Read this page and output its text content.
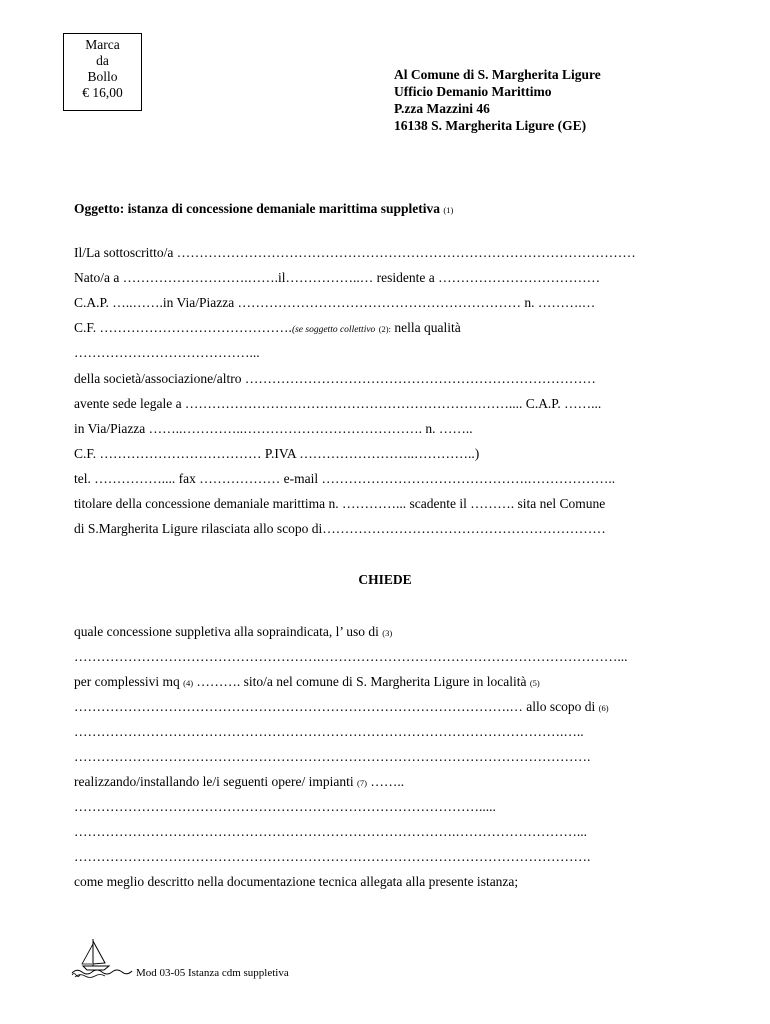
Marca
da
Bollo
€ 16,00
Al Comune di S. Margherita Ligure
Ufficio Demanio Marittimo
P.zza Mazzini 46
16138 S. Margherita Ligure (GE)
Oggetto: istanza di concessione demaniale marittima suppletiva (1)
Il/La sottoscritto/a …………………………………………………………………………………………
Nato/a a ……………………….…….il……………..… residente a ………………………………
C.A.P. …..…….in Via/Piazza ……………………………………………………… n. ……….…
C.F. …………………………………….(se soggetto collettivo (2): nella qualità
…………………………………...
della società/associazione/altro ……………………………………………………………………
avente sede legale a ……………………………………………………………….... C.A.P. ……...
in Via/Piazza ……..…………..…………………………………. n. ……..
C.F. ……………………………… P.IVA ……………………..…………..)
tel. …………….... fax ……………… e-mail ……………………………………….………………..
titolare della concessione demaniale marittima n. …………... scadente il ………. sita nel Comune
di S.Margherita Ligure rilasciata allo scopo di………………………………………………………
CHIEDE
quale concessione suppletiva alla sopraindicata, l’ uso di (3)
……………………………………………….…………………………………………………………...
per complessivi mq (4) ………. sito/a nel comune di S. Margherita Ligure in località (5)
…………………………………………………………………………………….… allo scopo di (6)
……………………………………………………………………………………………….…..
…………………………………………………………………………………………………….
realizzando/installando le/i seguenti opere/ impianti (7) ……..
……………………………………………………………………………….....
………………………………………………………………………….………………………...
…………………………………………………………………………………………………….
come meglio descritto nella documentazione tecnica allegata alla presente istanza;
Mod 03-05 Istanza cdm suppletiva
